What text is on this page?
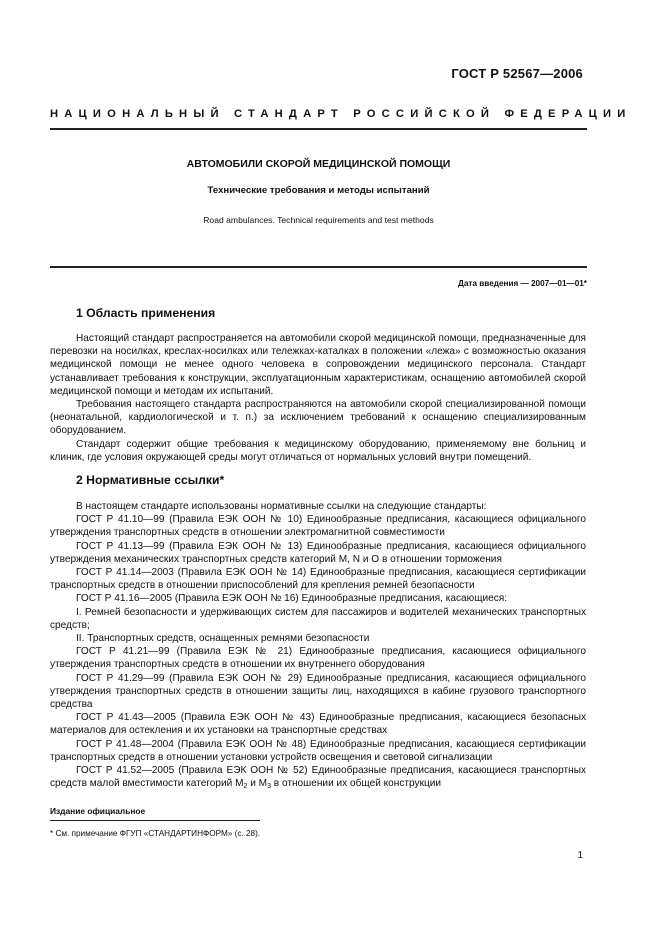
ГОСТ Р 52567—2006
НАЦИОНАЛЬНЫЙ СТАНДАРТ РОССИЙСКОЙ ФЕДЕРАЦИИ
АВТОМОБИЛИ СКОРОЙ МЕДИЦИНСКОЙ ПОМОЩИ
Технические требования и методы испытаний
Road ambulances. Technical requirements and test methods
Дата введения — 2007—01—01*
1 Область применения

Настоящий стандарт распространяется на автомобили скорой медицинской помощи, предназначенные для перевозки на носилках, креслах-носилках или тележках-каталках в положении «лежа» с возможностью оказания медицинской помощи не менее одного человека в сопровождении медицинского персонала. Стандарт устанавливает требования к конструкции, эксплуатационным характеристикам, оснащению автомобилей скорой медицинской помощи и методам их испытаний.

Требования настоящего стандарта распространяются на автомобили скорой специализированной помощи (неонатальной, кардиологической и т. п.) за исключением требований к оснащению специализированным оборудованием.

Стандарт содержит общие требования к медицинскому оборудованию, применяемому вне больниц и клиник, где условия окружающей среды могут отличаться от нормальных условий внутри помещений.

2 Нормативные ссылки*

В настоящем стандарте использованы нормативные ссылки на следующие стандарты:

ГОСТ Р 41.10—99 (Правила ЕЭК ООН № 10) Единообразные предписания, касающиеся официального утверждения транспортных средств в отношении электромагнитной совместимости

ГОСТ Р 41.13—99 (Правила ЕЭК ООН № 13) Единообразные предписания, касающиеся официального утверждения механических транспортных средств категорий M, N и O в отношении торможения

ГОСТ Р 41.14—2003 (Правила ЕЭК ООН № 14) Единообразные предписания, касающиеся сертификации транспортных средств в отношении приспособлений для крепления ремней безопасности

ГОСТ Р 41.16—2005 (Правила ЕЭК ООН № 16) Единообразные предписания, касающиеся:

I. Ремней безопасности и удерживающих систем для пассажиров и водителей механических транспортных средств;

II. Транспортных средств, оснащенных ремнями безопасности

ГОСТ Р 41.21—99 (Правила ЕЭК № 21) Единообразные предписания, касающиеся официального утверждения транспортных средств в отношении их внутреннего оборудования

ГОСТ Р 41.29—99 (Правила ЕЭК ООН № 29) Единообразные предписания, касающиеся официального утверждения транспортных средств в отношении защиты лиц, находящихся в кабине грузового транспортного средства

ГОСТ Р 41.43—2005 (Правила ЕЭК ООН № 43) Единообразные предписания, касающиеся безопасных материалов для остекления и их установки на транспортные средствах

ГОСТ Р 41.48—2004 (Правила ЕЭК ООН № 48) Единообразные предписания, касающиеся сертификации транспортных средств в отношении установки устройств освещения и световой сигнализации

ГОСТ Р 41.52—2005 (Правила ЕЭК ООН № 52) Единообразные предписания, касающиеся транспортных средств малой вместимости категорий $M_2$ и $M_3$ в отношении их общей конструкции

Издание официальное
* См. примечание ФГУП «СТАНДАРТИНФОРМ» (с. 28).
1
